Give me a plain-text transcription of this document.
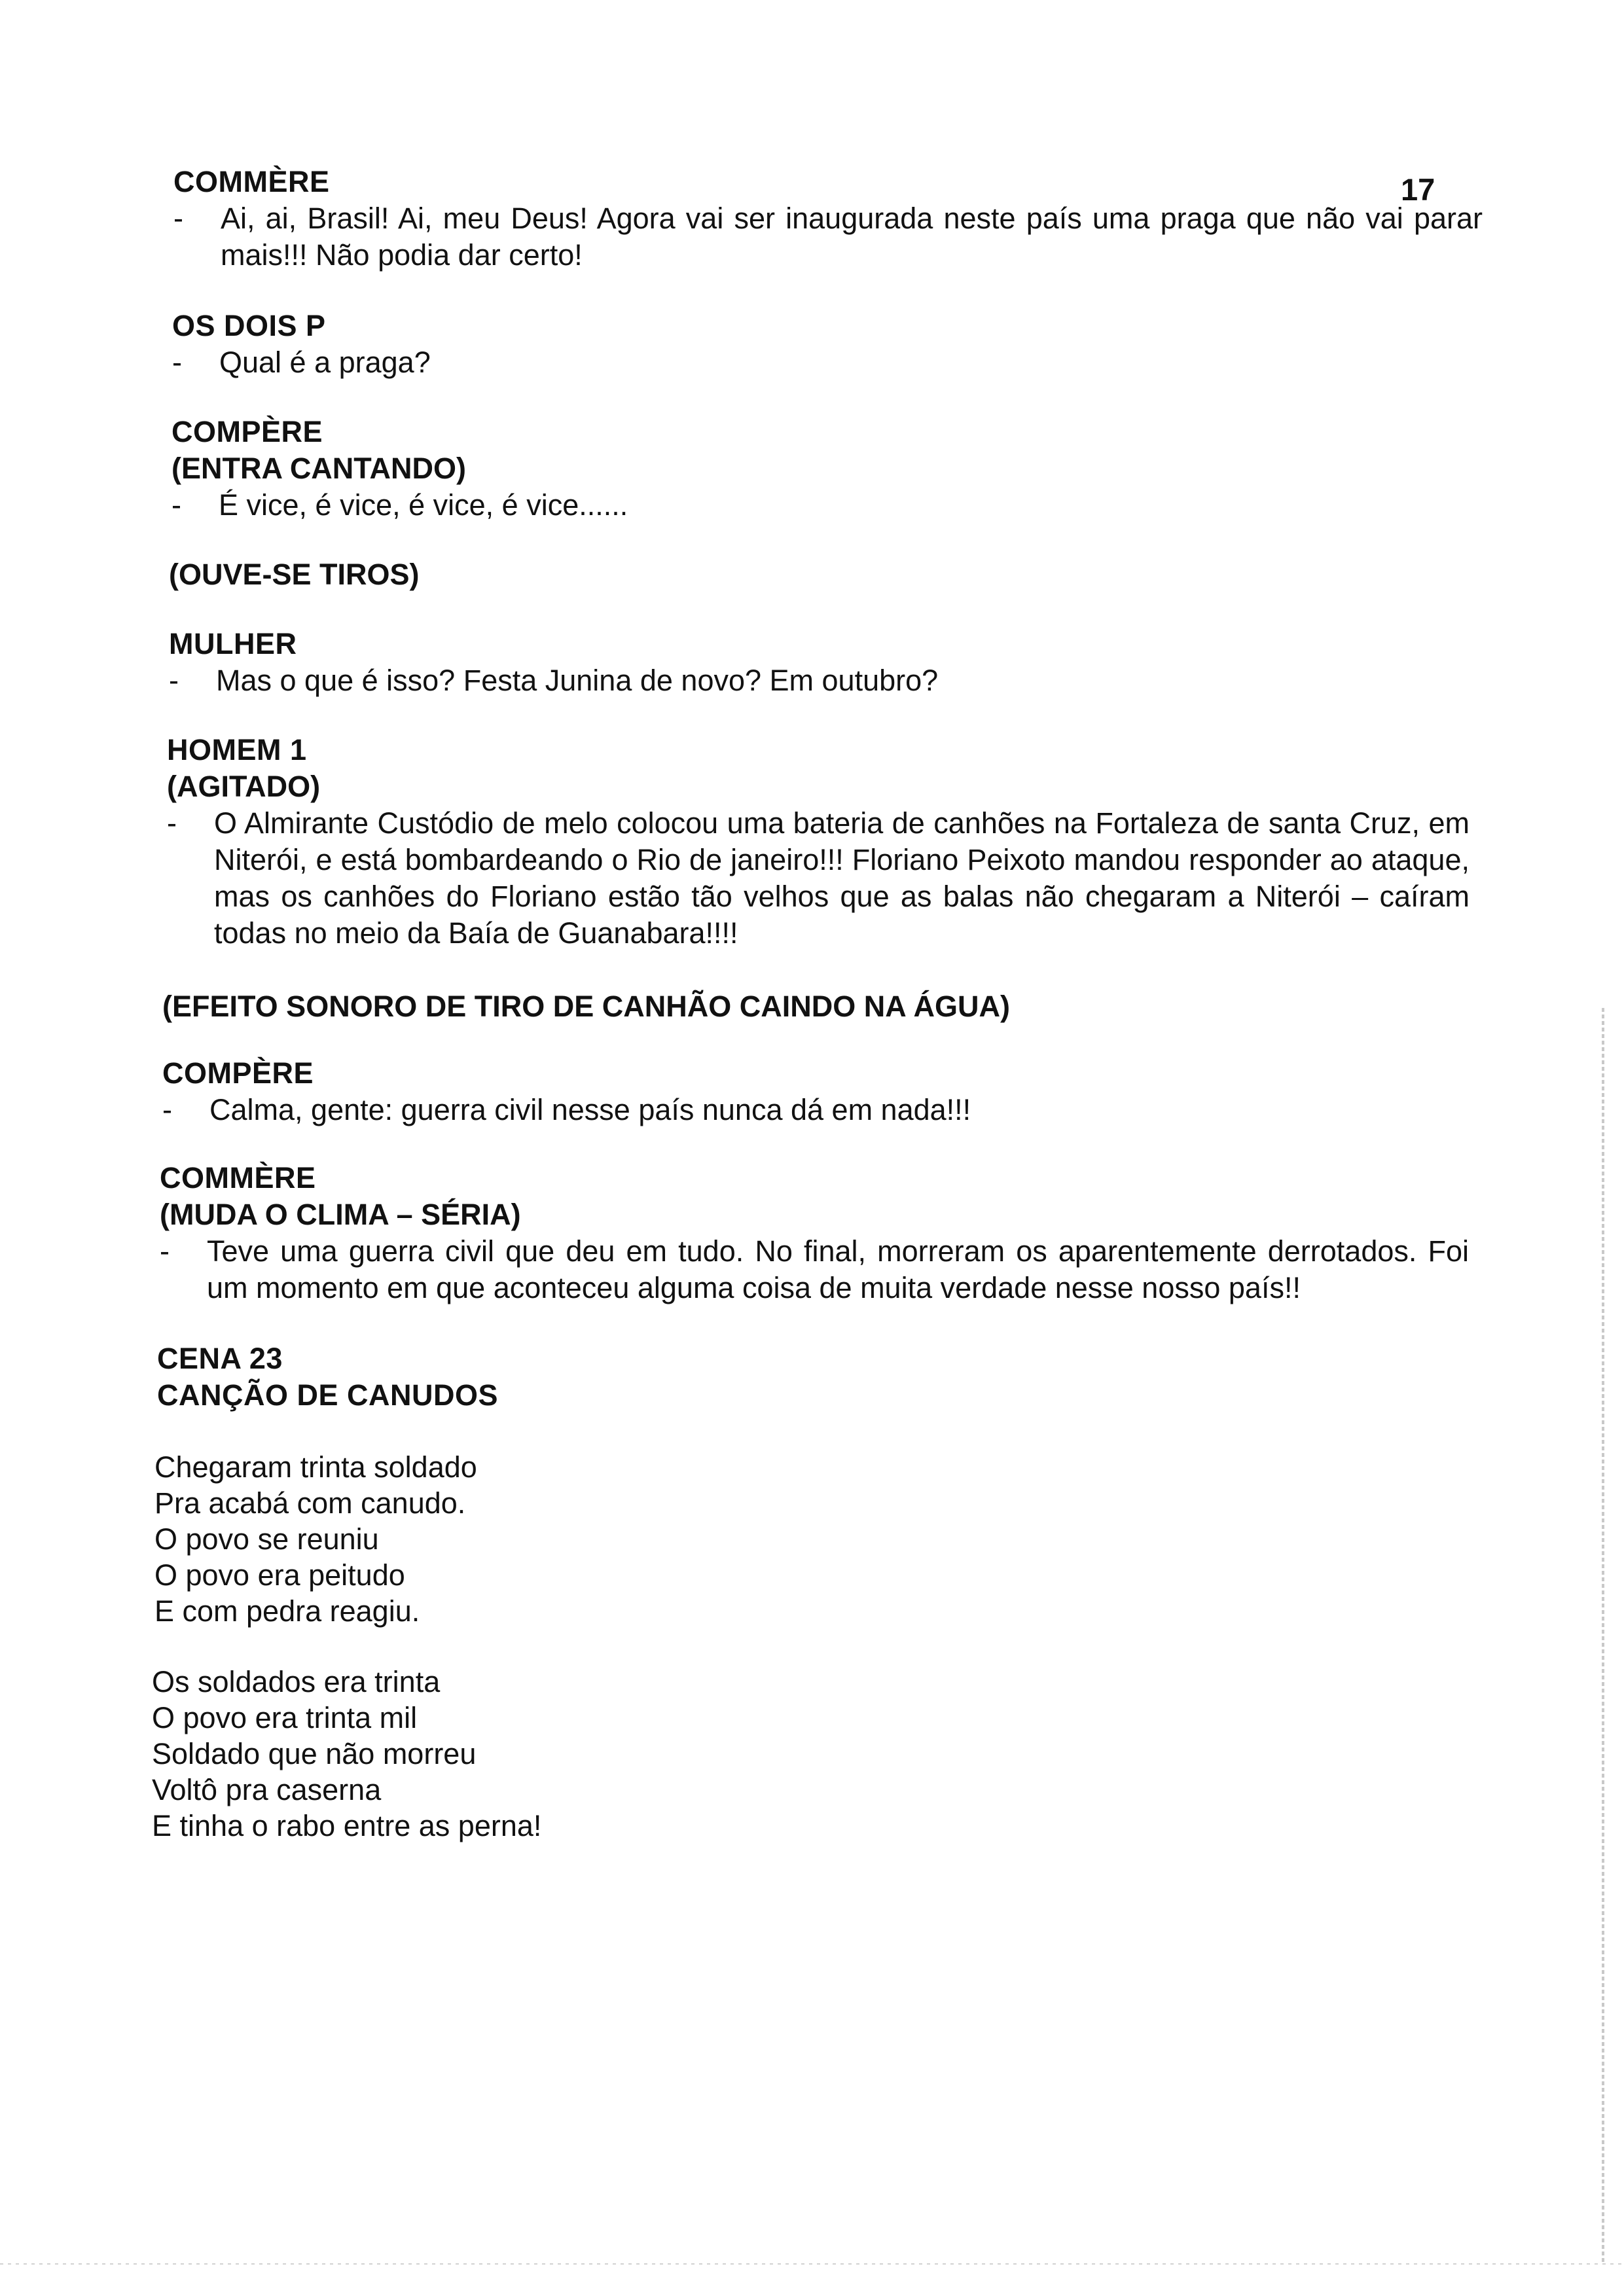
17
COMMÈRE
-	Ai, ai, Brasil! Ai, meu Deus! Agora vai ser inaugurada neste país uma praga que não vai parar mais!!! Não podia dar certo!
OS DOIS P
-	Qual é a praga?
COMPÈRE
(ENTRA CANTANDO)
-	É vice, é vice, é vice, é vice......
(OUVE-SE TIROS)
MULHER
-	Mas o que é isso? Festa Junina de novo? Em outubro?
HOMEM 1
(AGITADO)
-	O Almirante Custódio de melo colocou uma bateria de canhões na Fortaleza de santa Cruz, em Niterói, e está bombardeando o Rio de janeiro!!! Floriano Peixoto mandou responder ao ataque, mas os canhões do Floriano estão tão velhos que as balas não chegaram a Niterói – caíram todas no meio da Baía de Guanabara!!!!
(EFEITO SONORO DE TIRO DE CANHÃO CAINDO NA ÁGUA)
COMPÈRE
-	Calma, gente: guerra civil nesse país nunca dá em nada!!!
COMMÈRE
(MUDA O CLIMA – SÉRIA)
-	Teve uma guerra civil que deu em tudo. No final, morreram os aparentemente derrotados. Foi um momento em que aconteceu alguma coisa de muita verdade nesse nosso país!!
CENA 23
CANÇÃO DE CANUDOS
Chegaram trinta soldado
Pra acabá com canudo.
O povo se reuniu
O povo era peitudo
E com pedra reagiu.
Os soldados era trinta
O povo era trinta mil
Soldado que não morreu
Voltô pra caserna
E tinha o rabo entre as perna!
